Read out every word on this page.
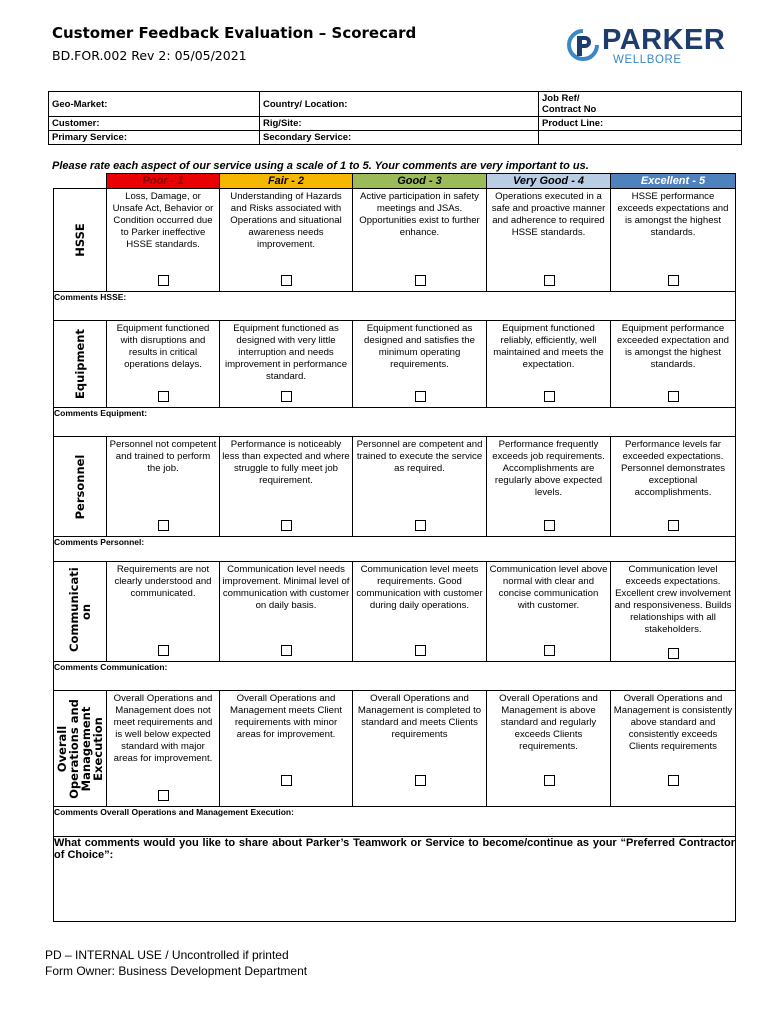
Customer Feedback Evaluation – Scorecard
BD.FOR.002 Rev 2: 05/05/2021	PARKER
WELLBORE
Geo-Market:	Country/ Location:	Job Ref/
Contract No

Customer:	Rig/Site:	Product Line:
Primary Service:	Secondary Service:	
Please rate each aspect of our service using a scale of 1 to 5. Your comments are very important to us.
	Poor - 1	Fair - 2	Good - 3	Very Good - 4	Excellent - 5

HSSE	Loss, Damage, or Unsafe Act, Behavior or Condition occurred due to Parker ineffective HSSE standards.	Understanding of Hazards and Risks associated with Operations and situational awareness needs improvement.	Active participation in safety meetings and JSAs. Opportunities exist to further enhance.	Operations executed in a safe and proactive manner and adherence to required HSSE standards.	HSSE performance exceeds expectations and is amongst the highest standards.

Comments HSSE:					

Equipment	Equipment functioned with disruptions and results in critical operations delays.	Equipment functioned as designed with very little interruption and needs improvement in performance standard.	Equipment functioned as designed and satisfies the minimum operating requirements.	Equipment functioned reliably, efficiently, well maintained and meets the expectation.	Equipment performance exceeded expectation and is amongst the highest standards.

Comments Equipment:					

Personnel	Personnel not competent and trained to perform the job.	Performance is noticeably less than expected and where struggle to fully meet job requirement.	Personnel are competent and trained to execute the service as required.	Performance frequently exceeds job requirements. Accomplishments are regularly above expected levels.	Performance levels far exceeded expectations. Personnel demonstrates exceptional accomplishments.

Comments Personnel:					

Communicati on	Requirements are not clearly understood and communicated.	Communication level needs improvement. Minimal level of communication with customer on daily basis.	Communication level meets requirements. Good communication with customer during daily operations.	Communication level above normal with clear and concise communication with customer.	Communication level exceeds expectations. Excellent crew involvement and responsiveness. Builds relationships with all stakeholders.

Comments Communication:					

Overall Operations and Management Execution	Overall Operations and Management does not meet requirements and is well below expected standard with major areas for improvement.	Overall Operations and Management meets Client requirements with minor areas for improvement.	Overall Operations and Management is completed to standard and meets Clients requirements	Overall Operations and Management is above standard and regularly exceeds Clients requirements.	Overall Operations and Management is consistently above standard and consistently exceeds Clients requirements

Comments Overall Operations and Management Execution:					
What comments would you like to share about Parker’s Teamwork or Service to become/continue as your “Preferred Contractor of Choice”:					
PD – INTERNAL USE / Uncontrolled if printed
Form Owner: Business Development Department
